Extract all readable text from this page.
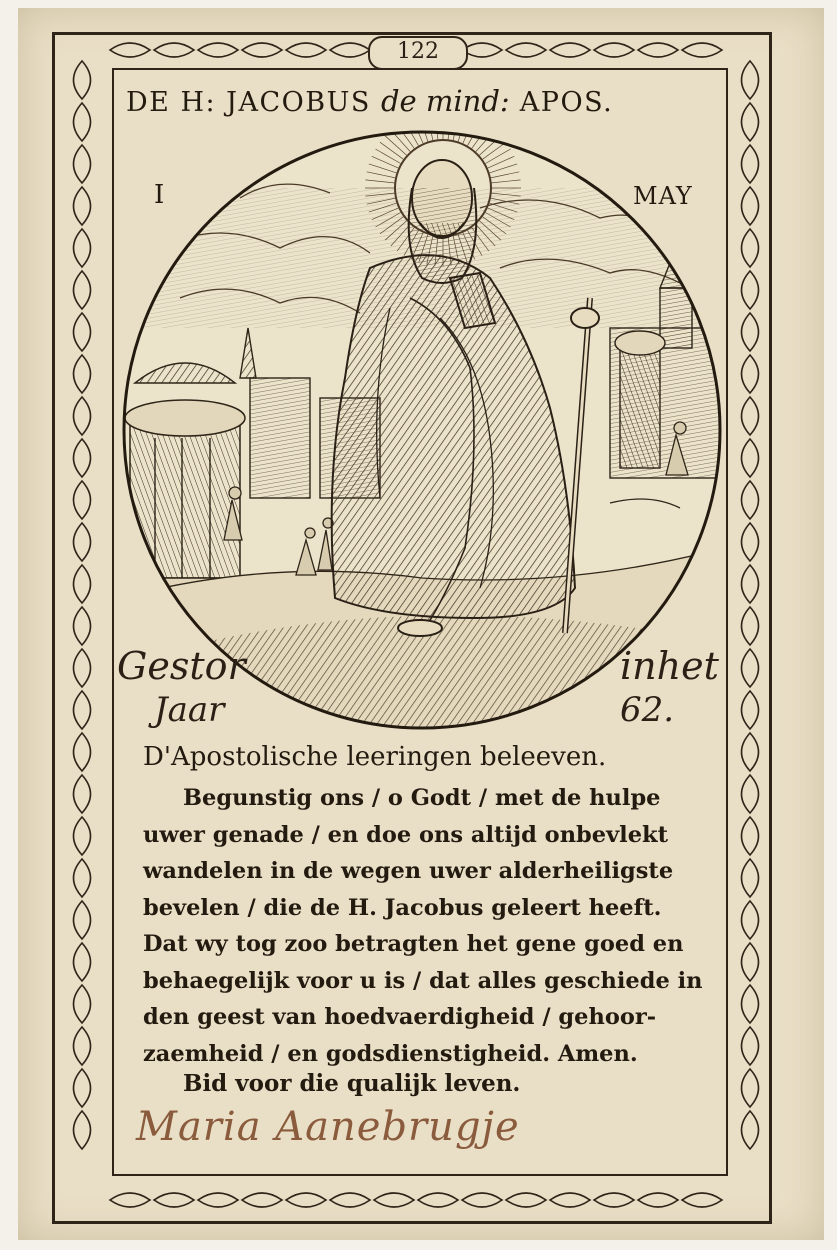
122
DE H: JACOBUS de mind: APOS.
I	MAY
Gestor	inhet
Jaar	62.
D'Apostolische leeringen beleeven.
Begunstig ons / o Godt / met de hulpe
uwer genade / en doe ons altijd onbevlekt
wandelen in de wegen uwer alderheiligste
bevelen / die de H. Jacobus geleert heeft.
Dat wy tog zoo betragten het gene goed en
behaegelijk voor u is / dat alles geschiede in
den geest van hoedvaerdigheid / gehoor-
zaemheid / en godsdienstigheid. Amen.
Bid voor die qualijk leven.
Maria Aanebrugje
